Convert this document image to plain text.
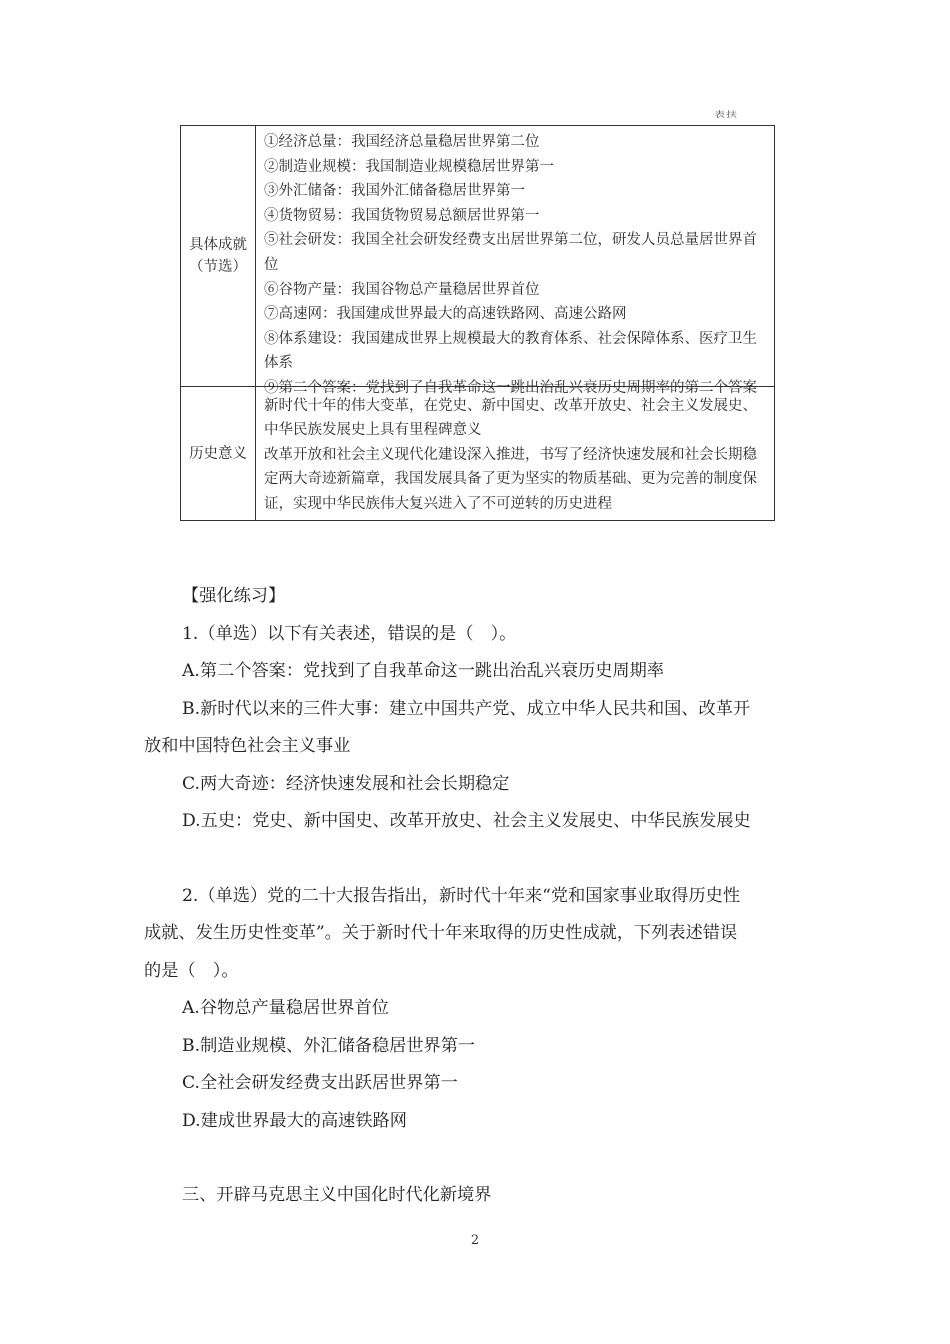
表扶
具体成就
（节选）
①经济总量：我国经济总量稳居世界第二位
②制造业规模：我国制造业规模稳居世界第一
③外汇储备：我国外汇储备稳居世界第一
④货物贸易：我国货物贸易总额居世界第一
⑤社会研发：我国全社会研发经费支出居世界第二位，研发人员总量居世界首位
⑥谷物产量：我国谷物总产量稳居世界首位
⑦高速网：我国建成世界最大的高速铁路网、高速公路网
⑧体系建设：我国建成世界上规模最大的教育体系、社会保障体系、医疗卫生
体系
⑨第二个答案：党找到了自我革命这一跳出治乱兴衰历史周期率的第二个答案
历史意义
新时代十年的伟大变革，在党史、新中国史、改革开放史、社会主义发展史、
中华民族发展史上具有里程碑意义
改革开放和社会主义现代化建设深入推进，书写了经济快速发展和社会长期稳
定两大奇迹新篇章，我国发展具备了更为坚实的物质基础、更为完善的制度保
证，实现中华民族伟大复兴进入了不可逆转的历史进程

【强化练习】

1.（单选）以下有关表述，错误的是（　）。

A.第二个答案：党找到了自我革命这一跳出治乱兴衰历史周期率

B.新时代以来的三件大事：建立中国共产党、成立中华人民共和国、改革开

放和中国特色社会主义事业

C.两大奇迹：经济快速发展和社会长期稳定

D.五史：党史、新中国史、改革开放史、社会主义发展史、中华民族发展史

2.（单选）党的二十大报告指出，新时代十年来“党和国家事业取得历史性

成就、发生历史性变革”。关于新时代十年来取得的历史性成就，下列表述错误

的是（　）。

A.谷物总产量稳居世界首位

B.制造业规模、外汇储备稳居世界第一

C.全社会研发经费支出跃居世界第一

D.建成世界最大的高速铁路网

三、开辟马克思主义中国化时代化新境界

2
